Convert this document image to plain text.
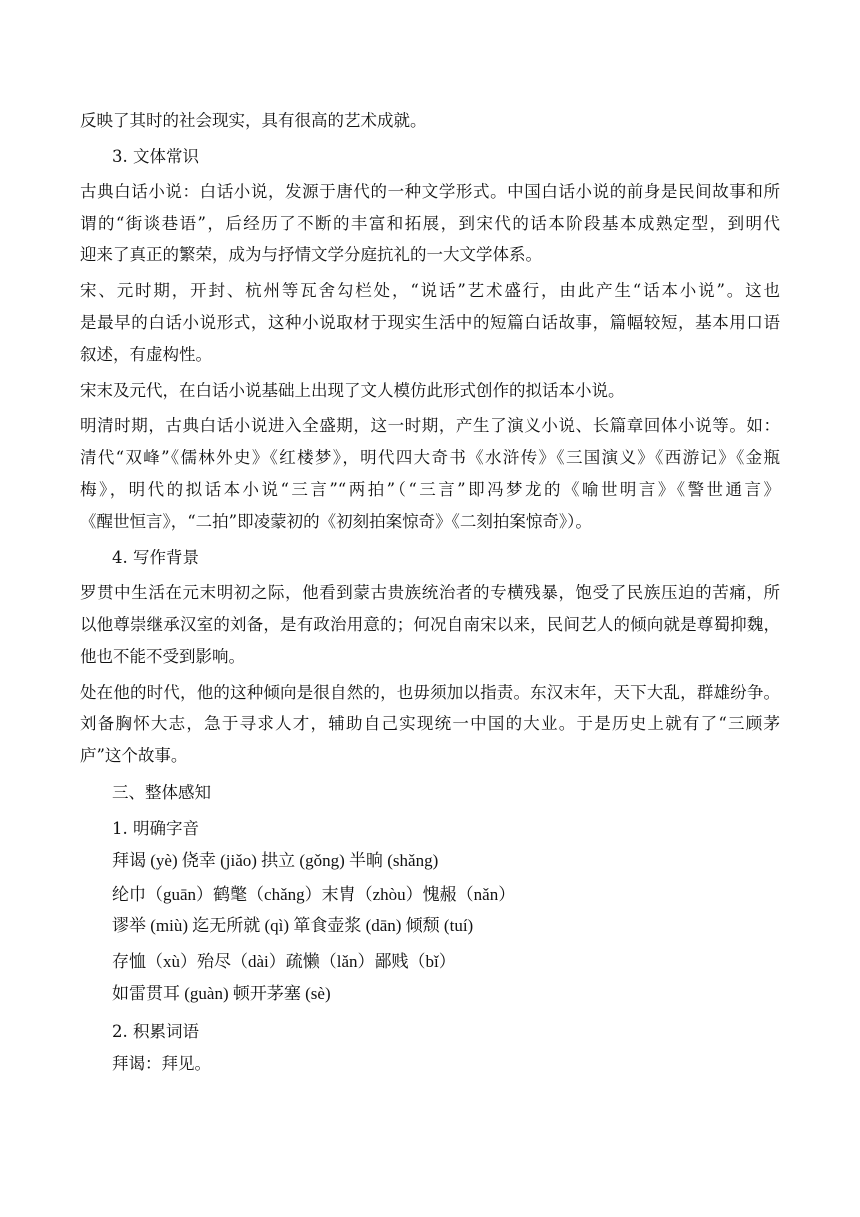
反映了其时的社会现实，具有很高的艺术成就。
3. 文体常识
古典白话小说：白话小说，发源于唐代的一种文学形式。中国白话小说的前身是民间故事和所
谓的“街谈巷语”，后经历了不断的丰富和拓展，到宋代的话本阶段基本成熟定型，到明代
迎来了真正的繁荣，成为与抒情文学分庭抗礼的一大文学体系。
宋、元时期，开封、杭州等瓦舍勾栏处，“说话”艺术盛行，由此产生“话本小说”。这也
是最早的白话小说形式，这种小说取材于现实生活中的短篇白话故事，篇幅较短，基本用口语
叙述，有虚构性。
宋末及元代，在白话小说基础上出现了文人模仿此形式创作的拟话本小说。
明清时期，古典白话小说进入全盛期，这一时期，产生了演义小说、长篇章回体小说等。如：
清代“双峰”《儒林外史》《红楼梦》，明代四大奇书《水浒传》《三国演义》《西游记》《金瓶
梅》，明代的拟话本小说“三言”“两拍”（“三言”即冯梦龙的《喻世明言》《警世通言》
《醒世恒言》，“二拍”即凌蒙初的《初刻拍案惊奇》《二刻拍案惊奇》）。
4. 写作背景
罗贯中生活在元末明初之际，他看到蒙古贵族统治者的专横残暴，饱受了民族压迫的苦痛，所
以他尊崇继承汉室的刘备，是有政治用意的；何况自南宋以来，民间艺人的倾向就是尊蜀抑魏，
他也不能不受到影响。
处在他的时代，他的这种倾向是很自然的，也毋须加以指责。东汉末年，天下大乱，群雄纷争。
刘备胸怀大志，急于寻求人才，辅助自己实现统一中国的大业。于是历史上就有了“三顾茅
庐”这个故事。
三、整体感知
1. 明确字音
拜谒 (yè) 侥幸 (jiǎo) 拱立 (gǒng) 半晌 (shǎng)
纶巾（guān）鹤氅（chǎng）末胄（zhòu）愧赧（nǎn）
谬举 (miù) 迄无所就 (qì) 箪食壶浆 (dān) 倾颓 (tuí)
存恤（xù）殆尽（dài）疏懒（lǎn）鄙贱（bǐ）
如雷贯耳 (guàn) 顿开茅塞 (sè)
2. 积累词语
拜谒：拜见。
